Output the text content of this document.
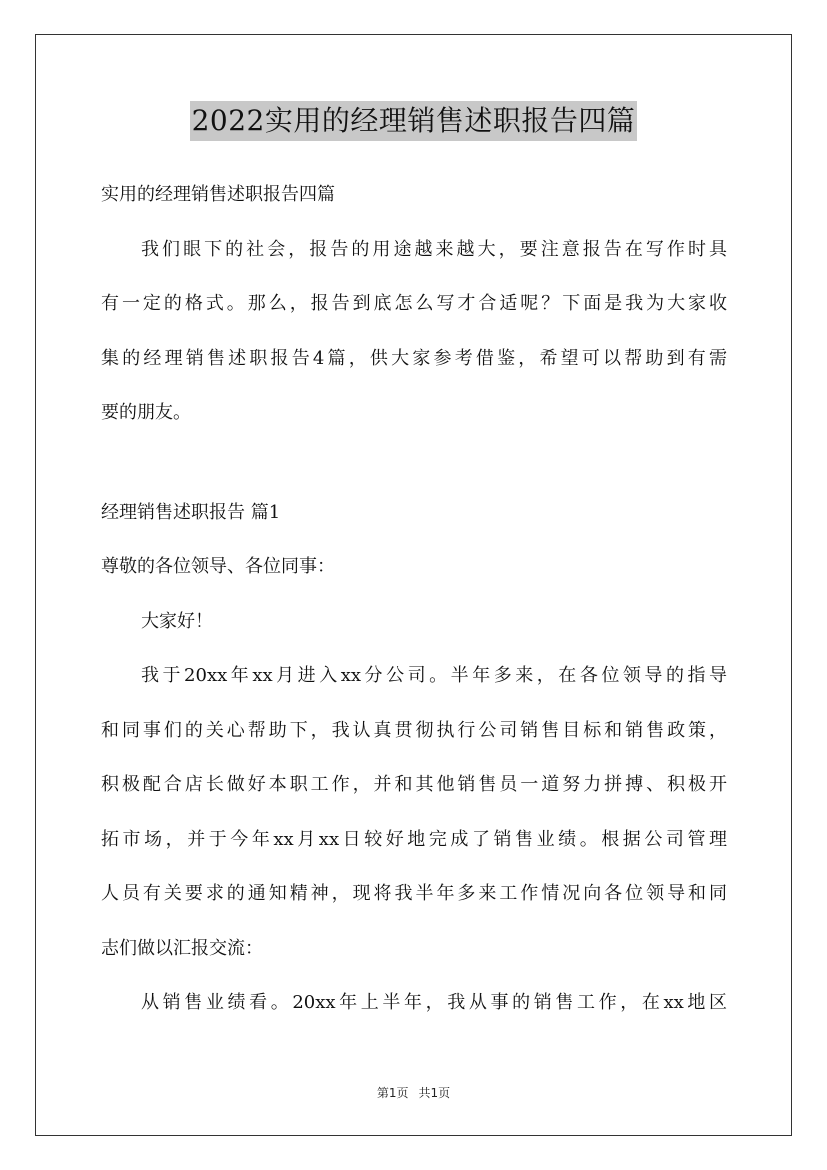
2022实用的经理销售述职报告四篇
实用的经理销售述职报告四篇
我们眼下的社会，报告的用途越来越大，要注意报告在写作时具
有一定的格式。那么，报告到底怎么写才合适呢？下面是我为大家收
集的经理销售述职报告4篇，供大家参考借鉴，希望可以帮助到有需
要的朋友。
经理销售述职报告 篇1
尊敬的各位领导、各位同事：
大家好！
我于20xx年xx月进入xx分公司。半年多来，在各位领导的指导
和同事们的关心帮助下，我认真贯彻执行公司销售目标和销售政策，
积极配合店长做好本职工作，并和其他销售员一道努力拼搏、积极开
拓市场，并于今年xx月xx日较好地完成了销售业绩。根据公司管理
人员有关要求的通知精神，现将我半年多来工作情况向各位领导和同
志们做以汇报交流：
从销售业绩看。20xx年上半年，我从事的销售工作，在xx地区
第1页 共1页
